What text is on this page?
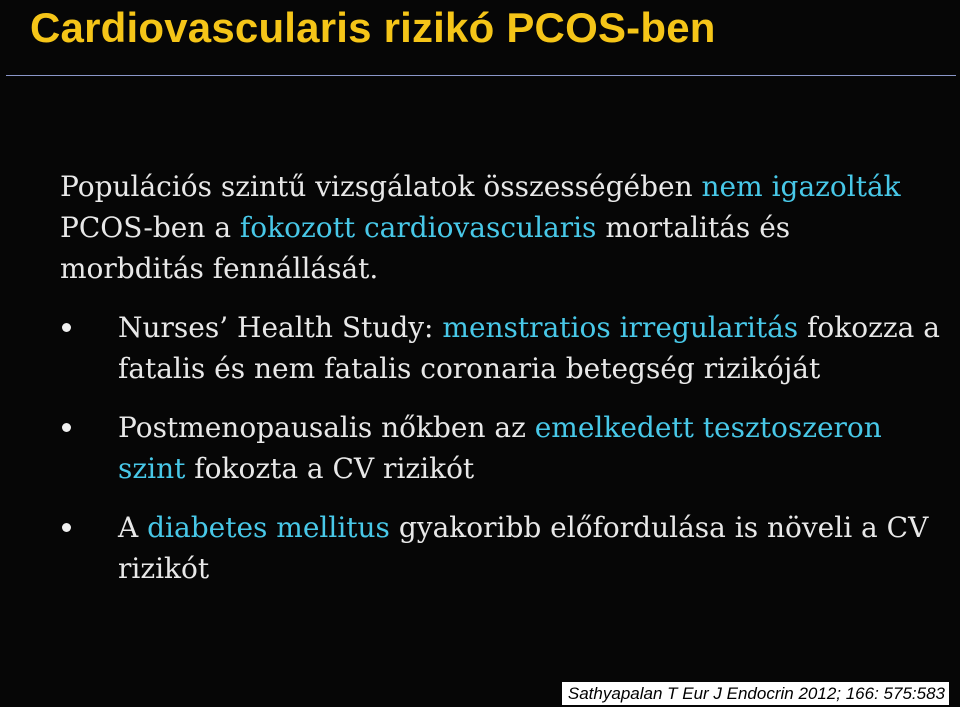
Cardiovascularis rizikó PCOS-ben

Populációs szintű vizsgálatok összességében nem igazolták PCOS-ben a fokozott cardiovascularis mortalitás és morbditás fennállását.

Nurses’ Health Study: menstratios irregularitás fokozza a fatalis és nem fatalis coronaria betegség rizikóját
Postmenopausalis nőkben az emelkedett tesztoszeron szint fokozta a CV rizikót
A diabetes mellitus gyakoribb előfordulása is növeli a CV rizikót
Sathyapalan T Eur J Endocrin 2012; 166: 575:583
